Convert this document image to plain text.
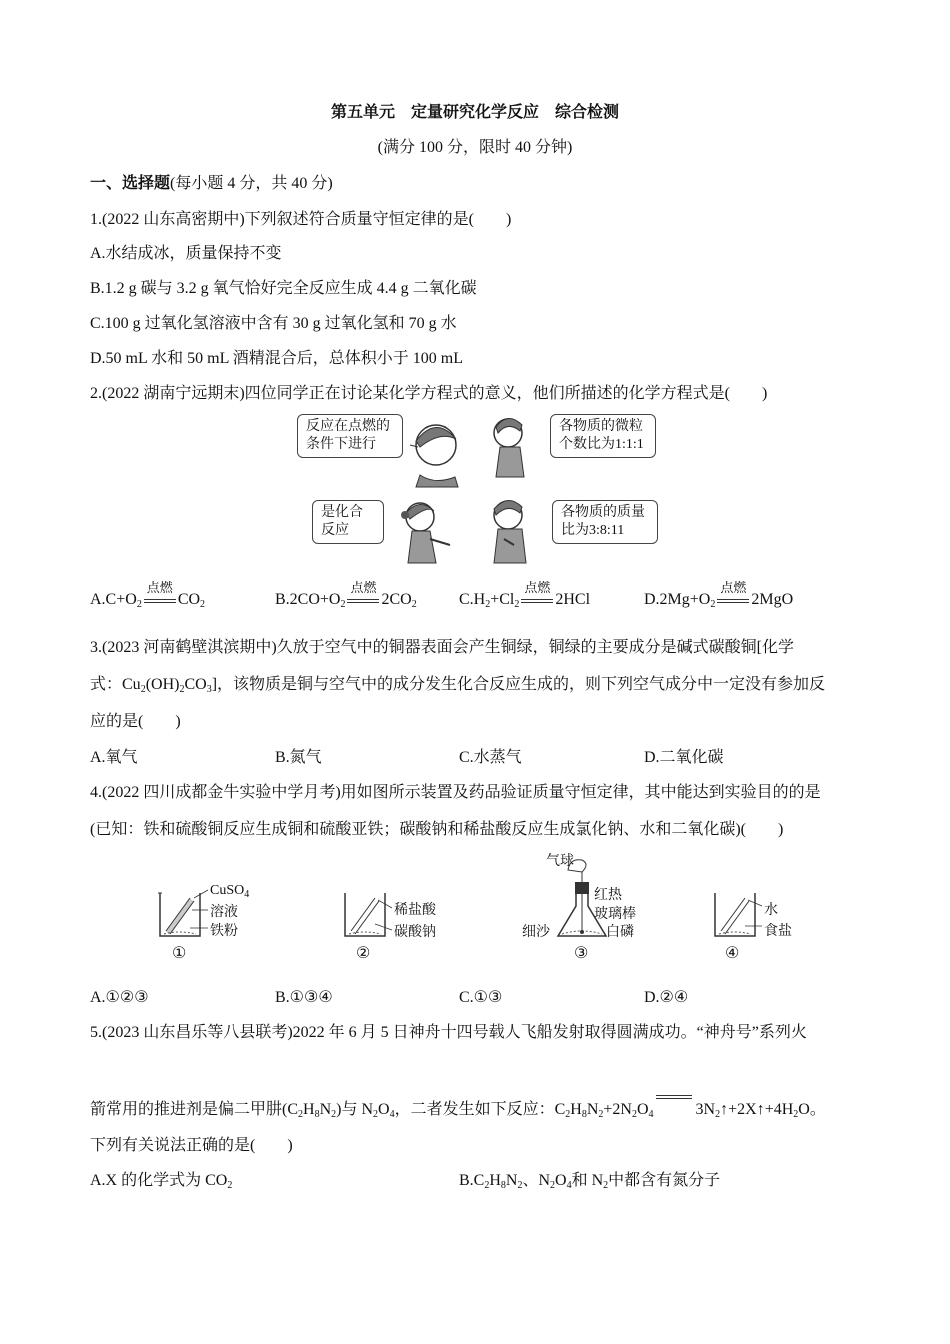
第五单元　定量研究化学反应　综合检测
(满分 100 分，限时 40 分钟)
一、选择题(每小题 4 分，共 40 分)
1.(2022 山东高密期中)下列叙述符合质量守恒定律的是(　　)
A.水结成冰，质量保持不变
B.1.2 g 碳与 3.2 g 氧气恰好完全反应生成 4.4 g 二氧化碳
C.100 g 过氧化氢溶液中含有 30 g 过氧化氢和 70 g 水
D.50 mL 水和 50 mL 酒精混合后，总体积小于 100 mL
2.(2022 湖南宁远期末)四位同学正在讨论某化学方程式的意义，他们所描述的化学方程式是(　　)
反应在点燃的
条件下进行
各物质的微粒
个数比为1:1:1
是化合
反应
各物质的质量
比为3:8:11
$A.C+O_2$
点燃
$CO_2$	$B.2CO+O_2$
点燃
$2CO_2$	$C.H_2+Cl_2$
点燃
2HCl	$D.2Mg+O_2$
点燃
2MgO
3.(2023 河南鹤壁淇滨期中)久放于空气中的铜器表面会产生铜绿，铜绿的主要成分是碱式碳酸铜[化学
式：$Cu_2(OH)_2CO_3$]，该物质是铜与空气中的成分发生化合反应生成的，则下列空气成分中一定没有参加反
应的是(　　)
A.氧气	B.氮气	C.水蒸气	D.二氧化碳
4.(2022 四川成都金牛实验中学月考)用如图所示装置及药品验证质量守恒定律，其中能达到实验目的的是
(已知：铁和硫酸铜反应生成铜和硫酸亚铁；碳酸钠和稀盐酸反应生成氯化钠、水和二氧化碳)(　　)
CuSO$_4$
溶液
铁粉
稀盐酸
碳酸钠
气球
红热
玻璃棒
白磷
细沙
水
食盐
①	②	③	④
A.①②③	B.①③④	C.①③	D.②④
5.(2023 山东昌乐等八县联考)2022 年 6 月 5 日神舟十四号载人飞船发射取得圆满成功。“神舟号”系列火
箭常用的推进剂是偏二甲肼$(C_2H_8N_2)$与 $N_2O_4$，二者发生如下反应：$C_2H_8N_2+2N_2O_4$	$3N_2↑+2X↑+4H_2O$。
下列有关说法正确的是(　　)
A.X 的化学式为 $CO_2$	$B.C_2H_8N_2$、$N_2O_4$和 $N_2$中都含有氮分子
